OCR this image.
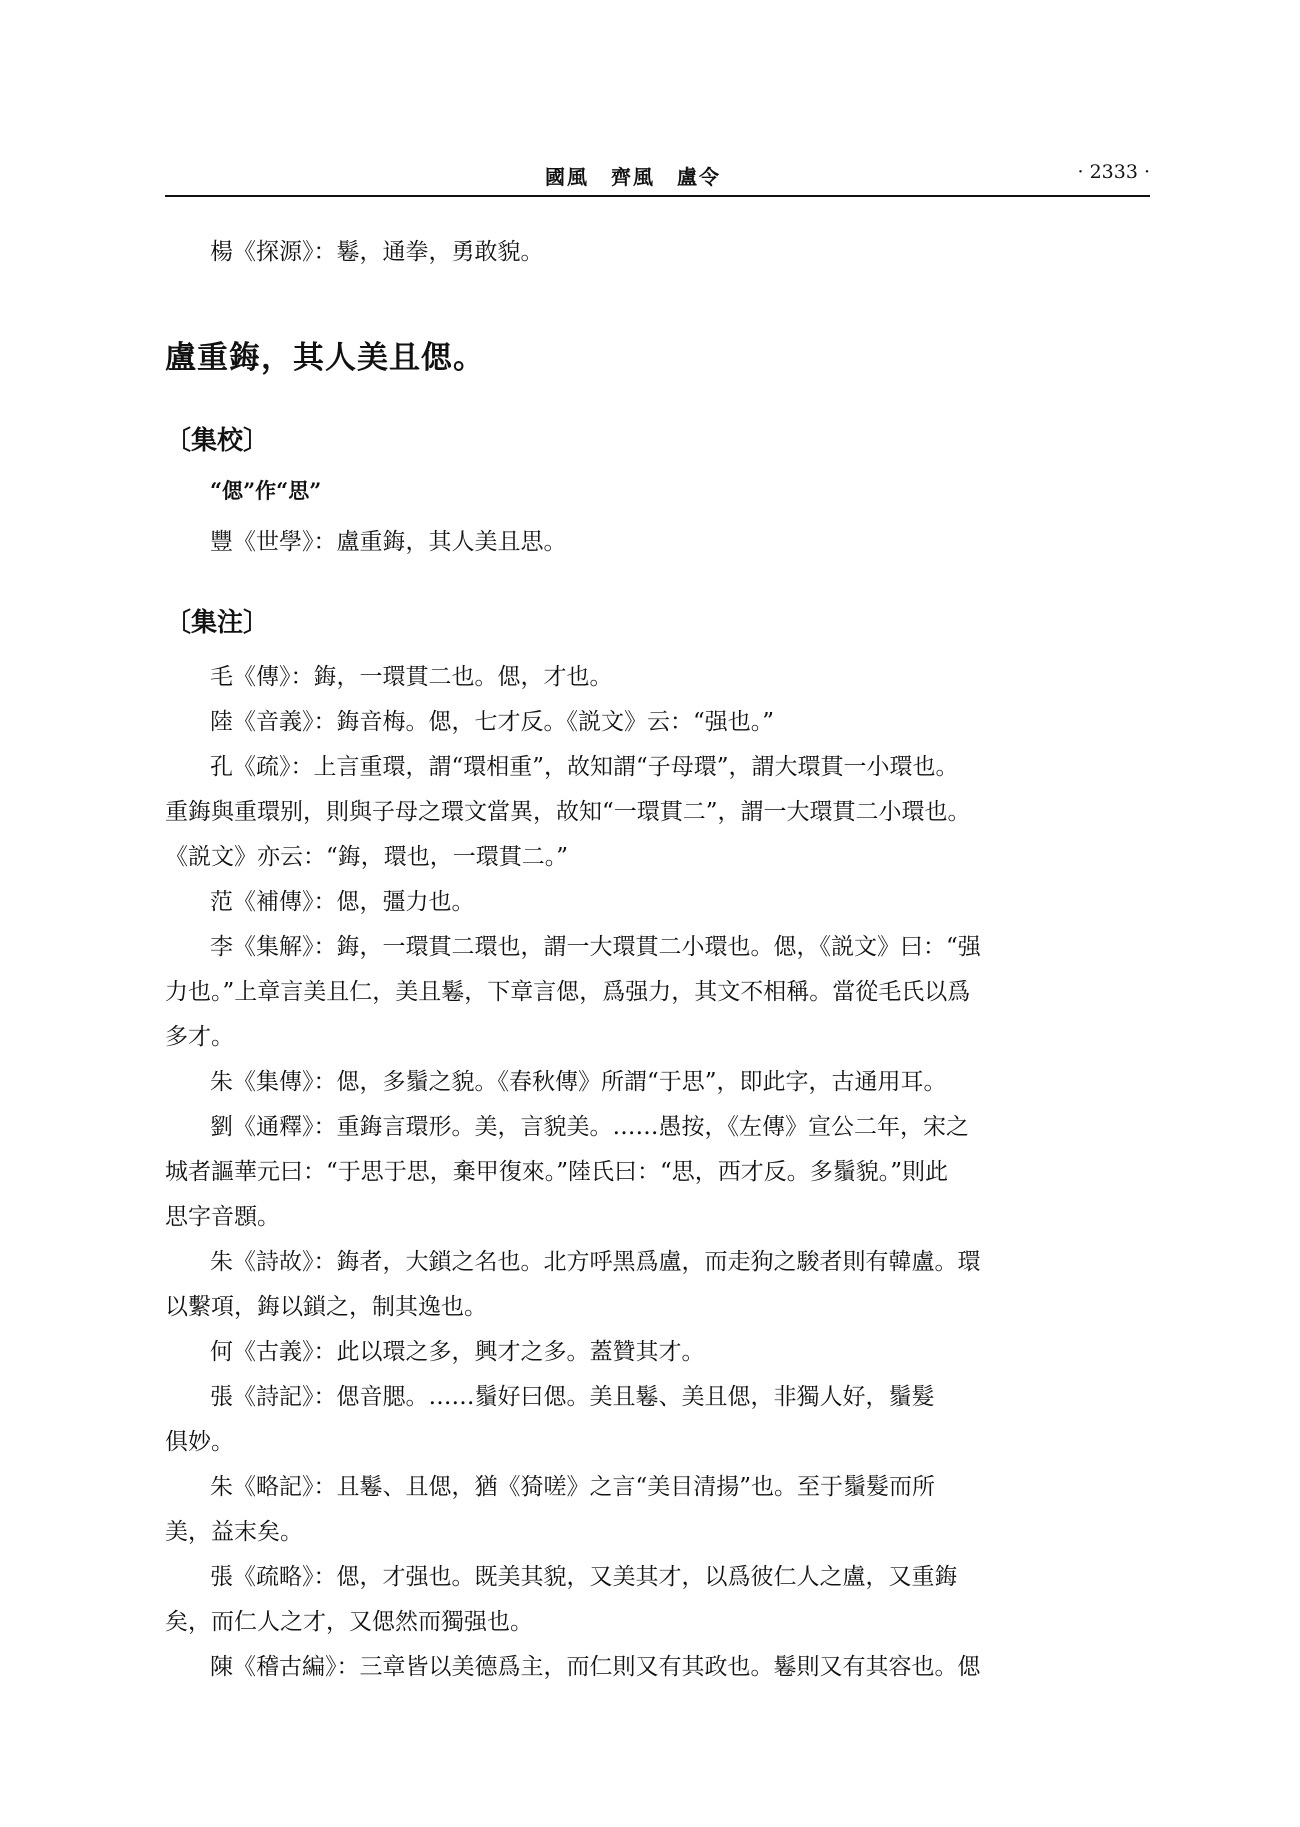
國風　齊風　盧令	· 2333 ·
楊《探源》：鬈，通拳，勇敢貌。
盧重鋂，其人美且偲。
〔集校〕
“偲”作“思”
豐《世學》：盧重鋂，其人美且思。
〔集注〕
毛《傳》：鋂，一環貫二也。偲，才也。
陸《音義》：鋂音梅。偲，七才反。《説文》云：“强也。”
孔《疏》：上言重環，謂“環相重”，故知謂“子母環”，謂大環貫一小環也。
重鋂與重環别，則與子母之環文當異，故知“一環貫二”，謂一大環貫二小環也。
《説文》亦云：“鋂，環也，一環貫二。”
范《補傳》：偲，彊力也。
李《集解》：鋂，一環貫二環也，謂一大環貫二小環也。偲，《説文》曰：“强
力也。”上章言美且仁，美且鬈，下章言偲，爲强力，其文不相稱。當從毛氏以爲
多才。
朱《集傳》：偲，多鬚之貌。《春秋傳》所謂“于思”，即此字，古通用耳。
劉《通釋》：重鋂言環形。美，言貌美。……愚按，《左傳》宣公二年，宋之
城者謳華元曰：“于思于思，棄甲復來。”陸氏曰：“思，西才反。多鬚貌。”則此
思字音顋。
朱《詩故》：鋂者，大鎖之名也。北方呼黑爲盧，而走狗之駿者則有韓盧。環
以繫項，鋂以鎖之，制其逸也。
何《古義》：此以環之多，興才之多。蓋贊其才。
張《詩記》：偲音腮。……鬚好曰偲。美且鬈、美且偲，非獨人好，鬚髮
俱妙。
朱《略記》：且鬈、且偲，猶《猗嗟》之言“美目清揚”也。至于鬚髮而所
美，益末矣。
張《疏略》：偲，才强也。既美其貌，又美其才，以爲彼仁人之盧，又重鋂
矣，而仁人之才，又偲然而獨强也。
陳《稽古編》：三章皆以美德爲主，而仁則又有其政也。鬈則又有其容也。偲
